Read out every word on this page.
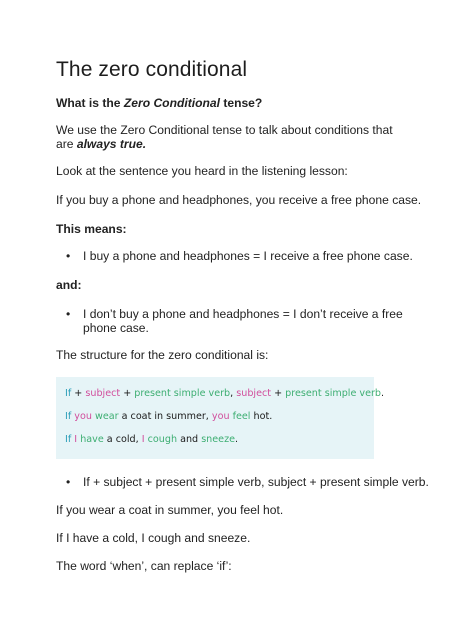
The zero conditional

What is the Zero Conditional tense?

We use the Zero Conditional tense to talk about conditions that

are always true.

Look at the sentence you heard in the listening lesson:

If you buy a phone and headphones, you receive a free phone case.

This means:

• I buy a phone and headphones = I receive a free phone case.

and:

• I don’t buy a phone and headphones = I don’t receive a free
phone case.

The structure for the zero conditional is:

If + subject + present simple verb, subject + present simple verb.
If you wear a coat in summer, you feel hot.
If I have a cold, I cough and sneeze.
• If + subject + present simple verb, subject + present simple verb.

If you wear a coat in summer, you feel hot.

If I have a cold, I cough and sneeze.

The word ‘when’, can replace ‘if’:
